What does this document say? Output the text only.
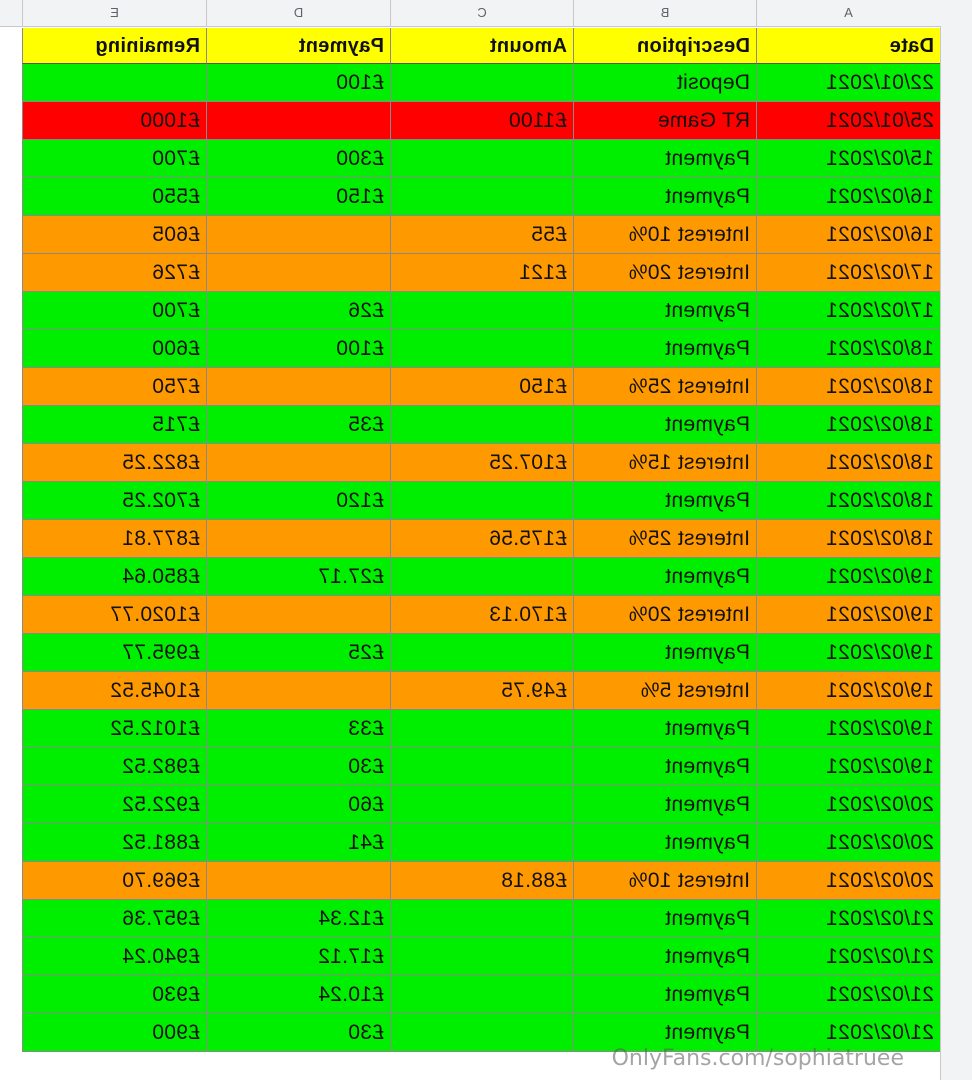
A
B
C
D
E
Date
Description
Amount
Payment
Remaining
22/01/2021
Deposit
£100
25/01/2021
RT Game
£1100
£1000
15/02/2021
Payment
£300
£700
16/02/2021
Payment
£150
£550
16/02/2021
Interest 10%
£55
£605
17/02/2021
Interest 20%
£121
£726
17/02/2021
Payment
£26
£700
18/02/2021
Payment
£100
£600
18/02/2021
Interest 25%
£150
£750
18/02/2021
Payment
£35
£715
18/02/2021
Interest 15%
£107.25
£822.25
18/02/2021
Payment
£120
£702.25
18/02/2021
Interest 25%
£175.56
£877.81
19/02/2021
Payment
£27.17
£850.64
19/02/2021
Interest 20%
£170.13
£1020.77
19/02/2021
Payment
£25
£995.77
19/02/2021
Interest 5%
£49.75
£1045.52
19/02/2021
Payment
£33
£1012.52
19/02/2021
Payment
£30
£982.52
20/02/2021
Payment
£60
£922.52
20/02/2021
Payment
£41
£881.52
20/02/2021
Interest 10%
£88.18
£969.70
21/02/2021
Payment
£12.34
£957.36
21/02/2021
Payment
£17.12
£940.24
21/02/2021
Payment
£10.24
£930
21/02/2021
Payment
£30
£900
OnlyFans.com/sophiatruee
